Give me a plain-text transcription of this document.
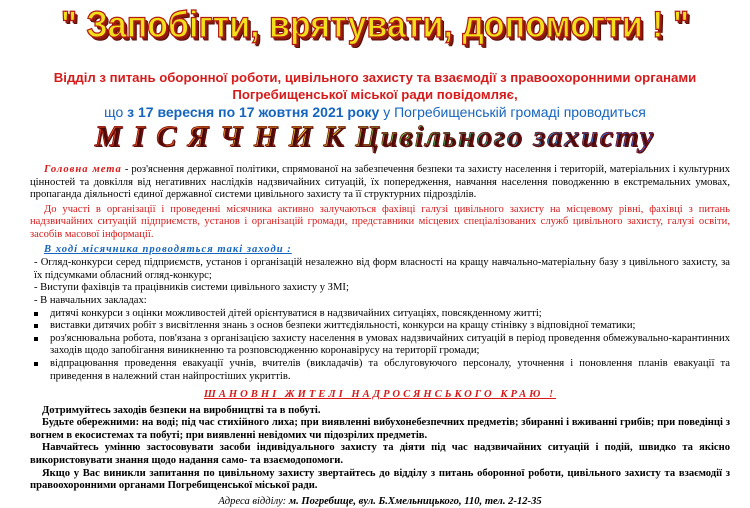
" Запобігти, врятувати, допомогти ! "
Відділ з питань оборонної роботи, цивільного захисту та взаємодії з правоохоронними органами
Погребищенської міської ради повідомляє,
що з 17 вересня по 17 жовтня 2021 року у Погребищенській громаді проводиться
М І С Я Ч Н И К Цивільного захисту

Головна мета - роз'яснення державної політики, спрямованої на забезпечення безпеки та захисту населення і територій, матеріальних і культурних цінностей та довкілля від негативних наслідків надзвичайних ситуацій, їх попередження, навчання населення поводженню в екстремальних умовах, пропаганда діяльності єдиної державної системи цивільного захисту та її структурних підрозділів.

До участі в організації і проведенні місячника активно залучаються фахівці галузі цивільного захисту на місцевому рівні, фахівці з питань надзвичайних ситуацій підприємств, установ і організацій громади, представники місцевих спеціалізованих служб цивільного захисту, галузі освіти, засобів масової інформації.

В ході місячника проводяться такі заходи :

- Огляд-конкурси серед підприємств, установ і організацій незалежно від форм власності на кращу навчально-матеріальну базу з цивільного захисту, за їх підсумками обласний огляд-конкурс;

- Виступи фахівців та працівників системи цивільного захисту у ЗМІ;

- В навчальних закладах:

дитячі конкурси з оцінки можливостей дітей орієнтуватися в надзвичайних ситуаціях, повсякденному житті;
виставки дитячих робіт з висвітлення знань з основ безпеки життєдіяльності, конкурси на кращу стінівку з відповідної тематики;
роз'яснювальна робота, пов'язана з організацією захисту населення в умовах надзвичайних ситуацій в період проведення обмежувально-карантинних заходів щодо запобігання виникненню та розповсюдженню коронавірусу на території громади;
відпрацювання проведення евакуації учнів, вчителів (викладачів) та обслуговуючого персоналу, уточнення і поновлення планів евакуації та приведення в належний стан найпростіших укриттів.
ШАНОВНІ ЖИТЕЛІ НАДРОСЯНСЬКОГО КРАЮ !

Дотримуйтесь заходів безпеки на виробництві та в побуті.

Будьте обережними: на воді; під час стихійного лиха; при виявленні вибухонебезпечних предметів; збиранні і вживанні грибів; при поведінці з вогнем в екосистемах та побуті; при виявленні невідомих чи підозрілих предметів.

Навчайтесь умінню застосовувати засоби індивідуального захисту та діяти під час надзвичайних ситуацій і подій, швидко та якісно використовувати знання щодо надання само- та взаємодопомоги.

Якщо у Вас виникли запитання по цивільному захисту звертайтесь до відділу з питань оборонної роботи, цивільного захисту та взаємодії з правоохоронними органами Погребищенської міської ради.

Адреса відділу: м. Погребище, вул. Б.Хмельницького, 110, тел. 2-12-35
